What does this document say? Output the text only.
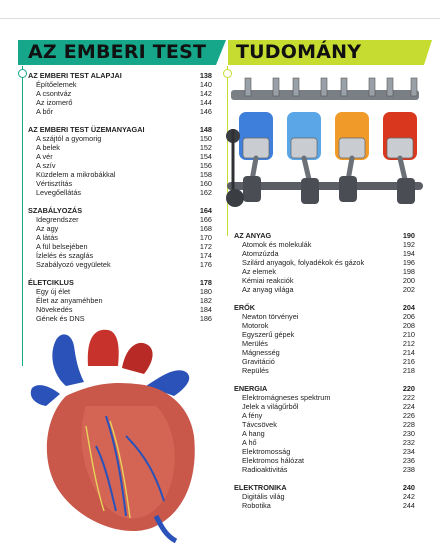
AZ EMBERI TEST	TUDOMÁNY
AZ EMBERI TEST ALAPJAI	138
Építőelemek	140
A csontváz	142
Az izomerő	144
A bőr	146
AZ EMBERI TEST ÜZEMANYAGAI	148
A szájtól a gyomorig	150
A belek	152
A vér	154
A szív	156
Küzdelem a mikrobákkal	158
Vértisztítás	160
Levegőellátás	162
SZABÁLYOZÁS	164
Idegrendszer	166
Az agy	168
A látás	170
A fül belsejében	172
Ízlelés és szaglás	174
Szabályozó vegyületek	176
ÉLETCIKLUS	178
Egy új élet	180
Élet az anyaméhben	182
Növekedés	184
Gének és DNS	186
AZ ANYAG	190
Atomok és molekulák	192
Atomzúzda	194
Szilárd anyagok, folyadékok és gázok	196
Az elemek	198
Kémiai reakciók	200
Az anyag világa	202
ERŐK	204
Newton törvényei	206
Motorok	208
Egyszerű gépek	210
Merülés	212
Mágnesség	214
Gravitáció	216
Repülés	218
ENERGIA	220
Elektromágneses spektrum	222
Jelek a világűrből	224
A fény	226
Távcsövek	228
A hang	230
A hő	232
Elektromosság	234
Elektromos hálózat	236
Radioaktivitás	238
ELEKTRONIKA	240
Digitális világ	242
Robotika	244
